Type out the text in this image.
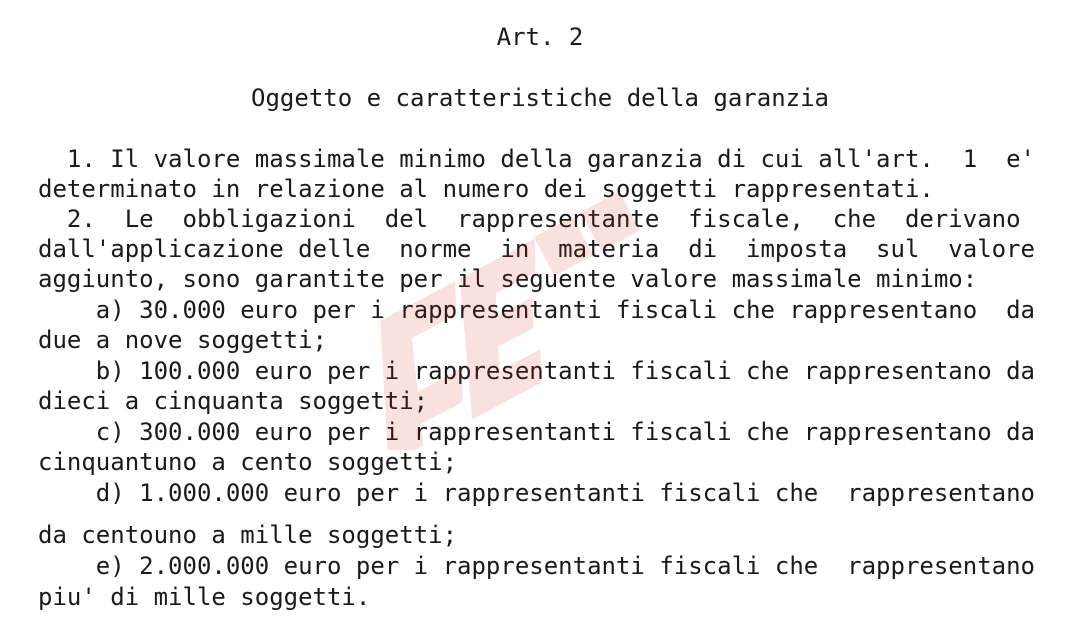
Art. 2
Oggetto e caratteristiche della garanzia
1. Il valore massimale minimo della garanzia di cui all'art.  1  e'
determinato in relazione al numero dei soggetti rappresentati.
2.  Le  obbligazioni  del  rappresentante  fiscale,  che  derivano
dall'applicazione delle  norme  in  materia  di  imposta  sul  valore
aggiunto, sono garantite per il seguente valore massimale minimo:
a) 30.000 euro per i rappresentanti fiscali che rappresentano  da
due a nove soggetti;
b) 100.000 euro per i rappresentanti fiscali che rappresentano da
dieci a cinquanta soggetti;
c) 300.000 euro per i rappresentanti fiscali che rappresentano da
cinquantuno a cento soggetti;
d) 1.000.000 euro per i rappresentanti fiscali che  rappresentano
da centouno a mille soggetti;
e) 2.000.000 euro per i rappresentanti fiscali che  rappresentano
piu' di mille soggetti.
